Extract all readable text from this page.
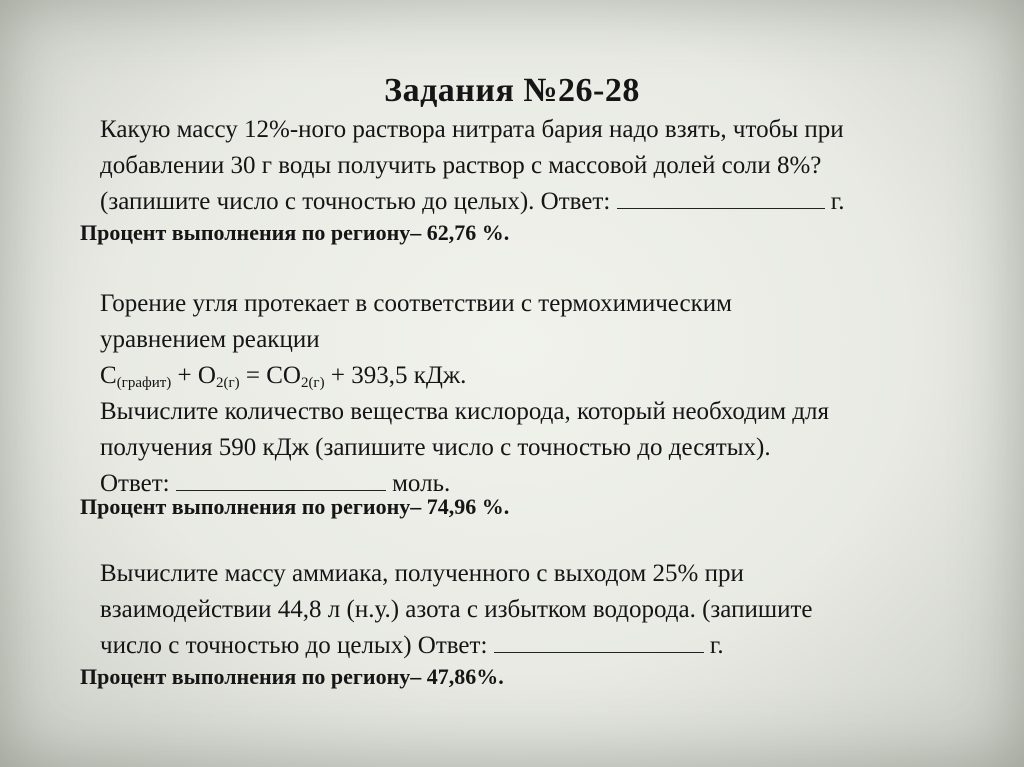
Задания №26-28
Какую массу 12%-ного раствора нитрата бария надо взять, чтобы при
добавлении 30 г воды получить раствор с массовой долей соли 8%?
(запишите число с точностью до целых). Ответ:	г.
Процент выполнения по региону– 62,76 %.
Горение угля протекает в соответствии с термохимическим
уравнением реакции
$С_{(графит)} + О_{2(г)} = СО_{2(г)} + 393,5$ кДж.
Вычислите количество вещества кислорода, который необходим для
получения 590 кДж (запишите число с точностью до десятых).
Ответ:	моль.
Процент выполнения по региону– 74,96 %.
Вычислите массу аммиака, полученного с выходом 25% при
взаимодействии 44,8 л (н.у.) азота с избытком водорода. (запишите
число с точностью до целых) Ответ:	г.
Процент выполнения по региону– 47,86%.
